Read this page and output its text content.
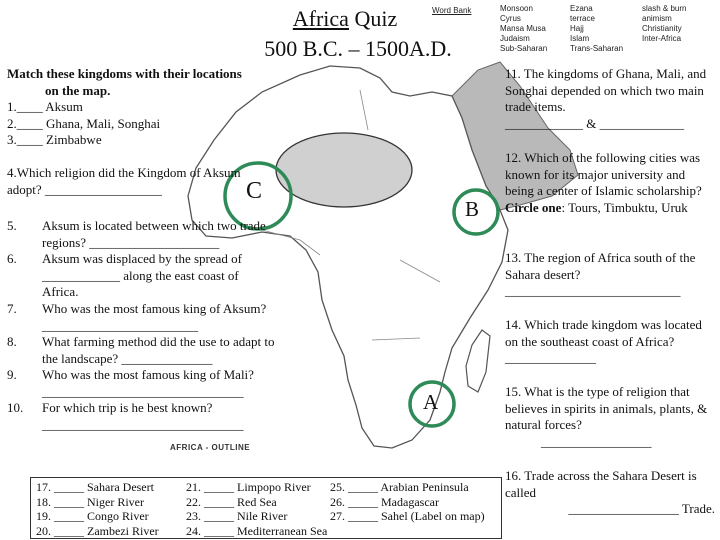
C
B
A
AFRICA - OUTLINE
Africa Quiz
500 B.C. – 1500A.D.
Word Bank	Monsoon
Cyrus
Mansa Musa
Judaism
Sub-Saharan
Ezana
terrace
Hajj
Islam
Trans-Saharan
slash & burn
animism
Christianity
Inter-Africa
Match these kingdoms with their locations
on the map.
1.____ Aksum
2.____ Ghana, Mali, Songhai
3.____ Zimbabwe
4.Which religion did the Kingdom of Aksum adopt? __________________
5. Aksum is located between which two trade regions? ____________________
6. Aksum was displaced by the spread of ____________ along the east coast of Africa.
7. Who was the most famous king of Aksum? ________________________
8. What farming method did the use to adapt to the landscape? ______________
9. Who was the most famous king of Mali? _______________________________
10. For which trip is he best known? _______________________________
11. The kingdoms of Ghana, Mali, and Songhai depended on which two main trade items.
____________ & _____________
12. Which of the following cities was known for its major university and being a center of Islamic scholarship?
Circle one: Tours, Timbuktu, Uruk
13. The region of Africa south of the Sahara desert?
___________________________
14. Which trade kingdom was located on the southeast coast of Africa? ______________
15. What is the type of religion that believes in spirits in animals, plants, & natural forces?
_________________
16. Trade across the Sahara Desert is called
_________________ Trade.
17. _____ Sahara Desert
18. _____ Niger River
19. _____ Congo River
20. _____ Zambezi River
21. _____ Limpopo River
22. _____ Red Sea
23. _____ Nile River
24. _____ Mediterranean Sea
25. _____ Arabian Peninsula
26. _____ Madagascar
27. _____ Sahel (Label on map)
